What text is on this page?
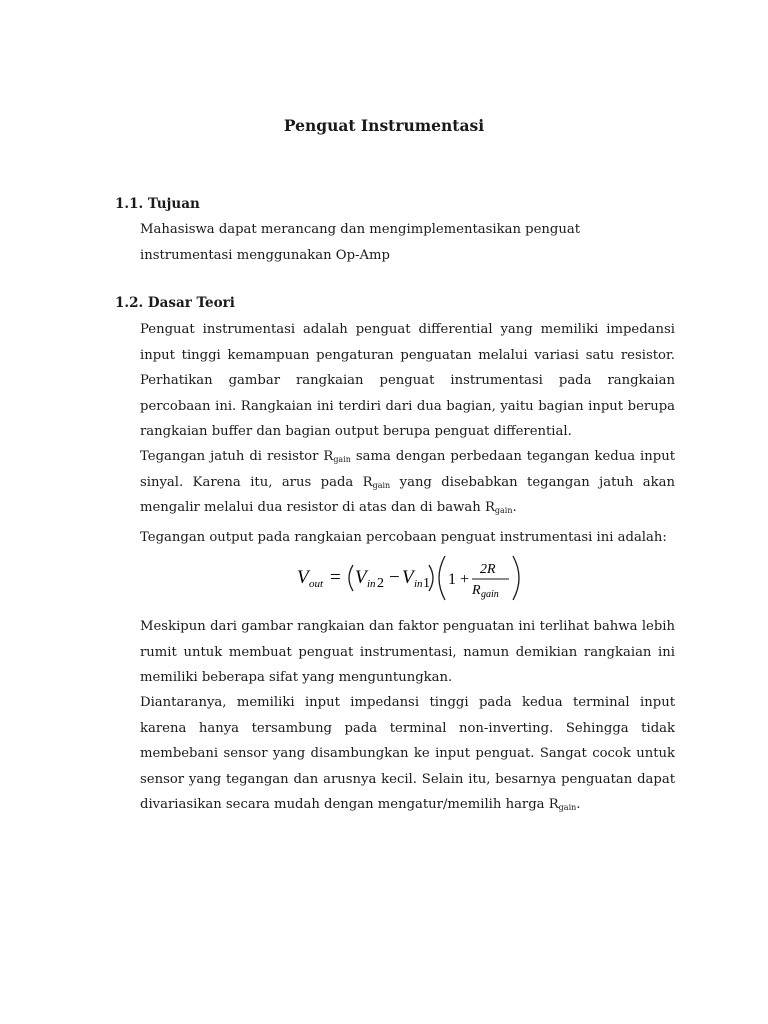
Penguat Instrumentasi
1.1. Tujuan

Mahasiswa dapat merancang dan mengimplementasikan penguat instrumentasi menggunakan Op-Amp

1.2. Dasar Teori

Penguat instrumentasi adalah penguat differential yang memiliki impedansi input tinggi kemampuan pengaturan penguatan melalui variasi satu resistor. Perhatikan gambar rangkaian penguat instrumentasi pada rangkaian percobaan ini. Rangkaian ini terdiri dari dua bagian, yaitu bagian input berupa rangkaian buffer dan bagian output berupa penguat differential.

Tegangan jatuh di resistor $R_{gain}$ sama dengan perbedaan tegangan kedua input sinyal. Karena itu, arus pada $R_{gain}$ yang disebabkan tegangan jatuh akan mengalir melalui dua resistor di atas dan di bawah $R_{gain}$.

Tegangan output pada rangkaian percobaan penguat instrumentasi ini adalah:

V out = V in 2 − V in 1 1 +
2R
R gain

Meskipun dari gambar rangkaian dan faktor penguatan ini terlihat bahwa lebih rumit untuk membuat penguat instrumentasi, namun demikian rangkaian ini memiliki beberapa sifat yang menguntungkan.

Diantaranya, memiliki input impedansi tinggi pada kedua terminal input karena hanya tersambung pada terminal non-inverting. Sehingga tidak membebani sensor yang disambungkan ke input penguat. Sangat cocok untuk sensor yang tegangan dan arusnya kecil. Selain itu, besarnya penguatan dapat divariasikan secara mudah dengan mengatur/memilih harga $R_{gain}$.
